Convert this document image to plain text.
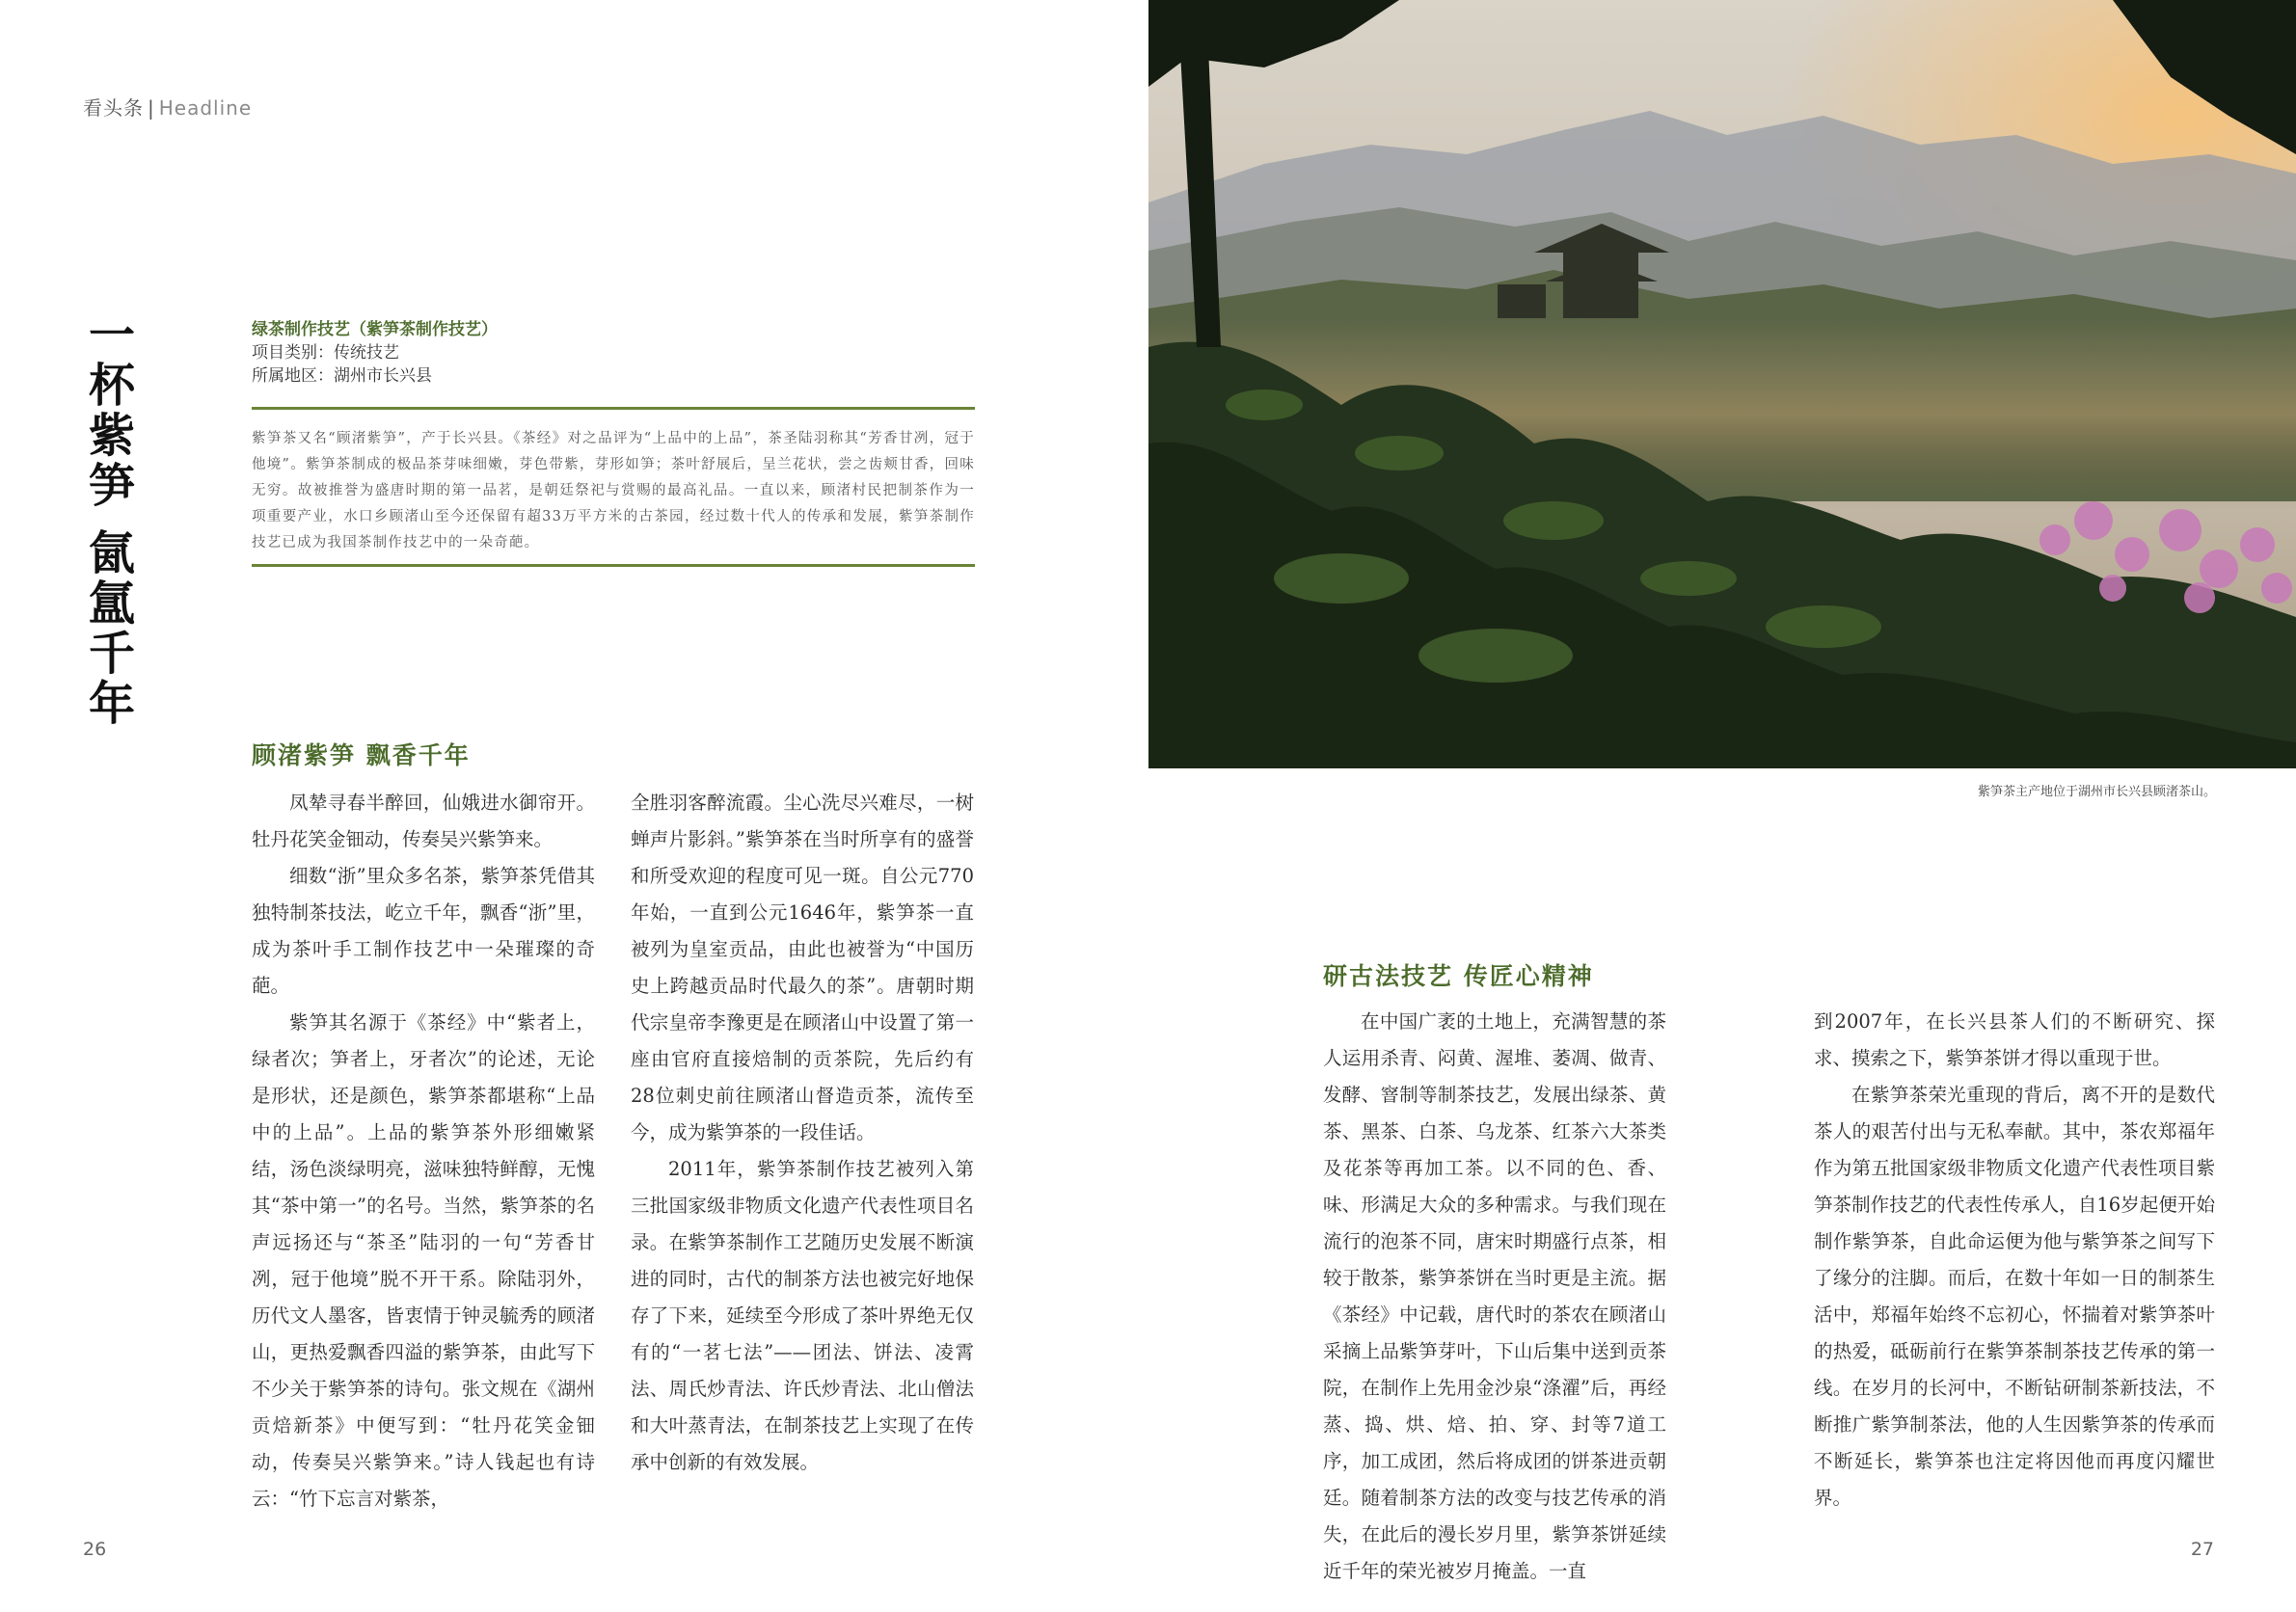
看头条 | Headline
一
杯
紫
笋
氤
氲
千
年
绿茶制作技艺（紫笋茶制作技艺）
项目类别：传统技艺
所属地区：湖州市长兴县
紫笋茶又名“顾渚紫笋”，产于长兴县。《茶经》对之品评为“上品中的上品”，茶圣陆羽称其“芳香甘冽，冠于他境”。紫笋茶制成的极品茶芽味细嫩，芽色带紫，芽形如笋；茶叶舒展后，呈兰花状，尝之齿颊甘香，回味无穷。故被推誉为盛唐时期的第一品茗，是朝廷祭祀与赏赐的最高礼品。一直以来，顾渚村民把制茶作为一项重要产业，水口乡顾渚山至今还保留有超33万平方米的古茶园，经过数十代人的传承和发展，紫笋茶制作技艺已成为我国茶制作技艺中的一朵奇葩。
顾渚紫笋 飘香千年

凤辇寻春半醉回，仙娥进水御帘开。牡丹花笑金钿动，传奏吴兴紫笋来。

细数“浙”里众多名茶，紫笋茶凭借其独特制茶技法，屹立千年，飘香“浙”里，成为茶叶手工制作技艺中一朵璀璨的奇葩。

紫笋其名源于《茶经》中“紫者上，绿者次；笋者上，牙者次”的论述，无论是形状，还是颜色，紫笋茶都堪称“上品中的上品”。上品的紫笋茶外形细嫩紧结，汤色淡绿明亮，滋味独特鲜醇，无愧其“茶中第一”的名号。当然，紫笋茶的名声远扬还与“茶圣”陆羽的一句“芳香甘冽，冠于他境”脱不开干系。除陆羽外，历代文人墨客，皆衷情于钟灵毓秀的顾渚山，更热爱飘香四溢的紫笋茶，由此写下不少关于紫笋茶的诗句。张文规在《湖州贡焙新茶》中便写到：“牡丹花笑金钿动，传奏吴兴紫笋来。”诗人钱起也有诗云：“竹下忘言对紫茶，

全胜羽客醉流霞。尘心洗尽兴难尽，一树蝉声片影斜。”紫笋茶在当时所享有的盛誉和所受欢迎的程度可见一斑。自公元770年始，一直到公元1646年，紫笋茶一直被列为皇室贡品，由此也被誉为“中国历史上跨越贡品时代最久的茶”。唐朝时期代宗皇帝李豫更是在顾渚山中设置了第一座由官府直接焙制的贡茶院，先后约有28位刺史前往顾渚山督造贡茶，流传至今，成为紫笋茶的一段佳话。

2011年，紫笋茶制作技艺被列入第三批国家级非物质文化遗产代表性项目名录。在紫笋茶制作工艺随历史发展不断演进的同时，古代的制茶方法也被完好地保存了下来，延续至今形成了茶叶界绝无仅有的“一茗七法”——团法、饼法、凌霄法、周氏炒青法、许氏炒青法、北山僧法和大叶蒸青法，在制茶技艺上实现了在传承中创新的有效发展。

紫笋茶主产地位于湖州市长兴县顾渚茶山。
研古法技艺 传匠心精神

在中国广袤的土地上，充满智慧的茶人运用杀青、闷黄、渥堆、萎凋、做青、发酵、窨制等制茶技艺，发展出绿茶、黄茶、黑茶、白茶、乌龙茶、红茶六大茶类及花茶等再加工茶。以不同的色、香、味、形满足大众的多种需求。与我们现在流行的泡茶不同，唐宋时期盛行点茶，相较于散茶，紫笋茶饼在当时更是主流。据《茶经》中记载，唐代时的茶农在顾渚山采摘上品紫笋芽叶，下山后集中送到贡茶院，在制作上先用金沙泉“涤濯”后，再经蒸、捣、烘、焙、拍、穿、封等7道工序，加工成团，然后将成团的饼茶进贡朝廷。随着制茶方法的改变与技艺传承的消失，在此后的漫长岁月里，紫笋茶饼延续近千年的荣光被岁月掩盖。一直

到2007年，在长兴县茶人们的不断研究、探求、摸索之下，紫笋茶饼才得以重现于世。

在紫笋茶荣光重现的背后，离不开的是数代茶人的艰苦付出与无私奉献。其中，茶农郑福年作为第五批国家级非物质文化遗产代表性项目紫笋茶制作技艺的代表性传承人，自16岁起便开始制作紫笋茶，自此命运便为他与紫笋茶之间写下了缘分的注脚。而后，在数十年如一日的制茶生活中，郑福年始终不忘初心，怀揣着对紫笋茶叶的热爱，砥砺前行在紫笋茶制茶技艺传承的第一线。在岁月的长河中，不断钻研制茶新技法，不断推广紫笋制茶法，他的人生因紫笋茶的传承而不断延长，紫笋茶也注定将因他而再度闪耀世界。

26	27
